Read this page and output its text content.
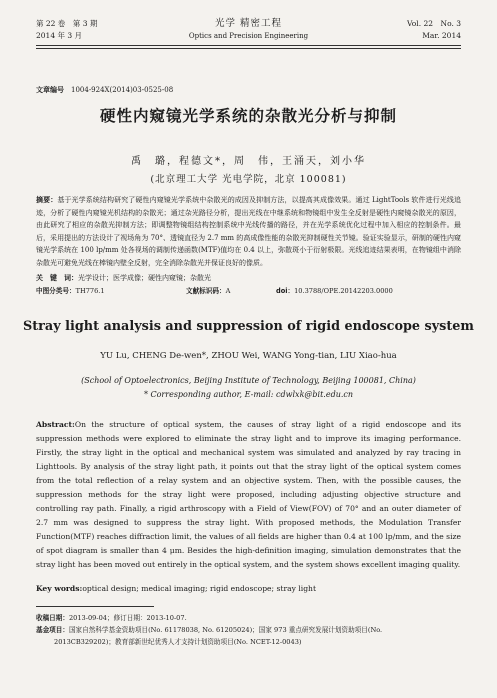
第 22 卷　第 3 期
2014 年 3 月
光学 精密工程
Optics and Precision Engineering
Vol. 22　No. 3
Mar. 2014
文章编号　 1004-924X(2014)03-0525-08
硬性内窥镜光学系统的杂散光分析与抑制
禹　璐，程德文*，周　伟，王涌天，刘小华
(北京理工大学 光电学院，北京 100081)
摘要：基于光学系统结构研究了硬性内窥镜光学系统中杂散光的成因及抑制方法，以提高其成像效果。通过 LightTools 软件进行光线追迹，分析了硬性内窥镜光机结构的杂散光；通过杂光路径分析，提出光线在中继系统和物镜组中发生全反射是硬性内窥镜杂散光的原因，由此研究了相应的杂散光抑制方法；即调整物镜组结构控制系统中光线传播的路径，并在光学系统优化过程中加入相应的控制条件。最后，采用提出的方法设计了视场角为 70°、透镜直径为 2.7 mm 的高成像性能的杂散光抑制硬性关节镜。验证实验显示，研制的硬性内窥镜光学系统在 100 lp/mm 处各视场的调制传递函数(MTF)值均在 0.4 以上，弥散斑小于衍射极限。光线追迹结果表明，在物镜组中消除杂散光可避免光线在棒镜内壁全反射，完全消除杂散光并保证良好的像质。
关　键　词：光学设计；医学成像；硬性内窥镜；杂散光
中图分类号：TH776.1	文献标识码：A	doi：10.3788/OPE.20142203.0000
Stray light analysis and suppression of rigid endoscope system
YU Lu, CHENG De-wen*, ZHOU Wei, WANG Yong-tian, LIU Xiao-hua
(School of Optoelectronics, Beijing Institute of Technology, Beijing 100081, China)
* Corresponding author, E-mail: cdwlxk@bit.edu.cn
Abstract:On the structure of optical system, the causes of stray light of a rigid endoscope and its suppression methods were explored to eliminate the stray light and to improve its imaging performance. Firstly, the stray light in the optical and mechanical system was simulated and analyzed by ray tracing in Lighttools. By analysis of the stray light path, it points out that the stray light of the optical system comes from the total reflection of a relay system and an objective system. Then, with the possible causes, the suppression methods for the stray light were proposed, including adjusting objective structure and controlling ray path. Finally, a rigid arthroscopy with a Field of View(FOV) of 70° and an outer diameter of 2.7 mm was designed to suppress the stray light. With proposed methods, the Modulation Transfer Function(MTF) reaches diffraction limit, the values of all fields are higher than 0.4 at 100 lp/mm, and the size of spot diagram is smaller than 4 μm. Besides the high-definition imaging, simulation demonstrates that the stray light has been moved out entirely in the optical system, and the system shows excellent imaging quality.
Key words:optical design; medical imaging; rigid endoscope; stray light
收稿日期：2013-09-04；修订日期：2013-10-07.
基金项目：国家自然科学基金资助项目(No. 61178038, No. 61205024)；国家 973 重点研究发展计划资助项目(No.
2013CB329202)；教育部新世纪优秀人才支持计划资助项目(No. NCET-12-0043)
